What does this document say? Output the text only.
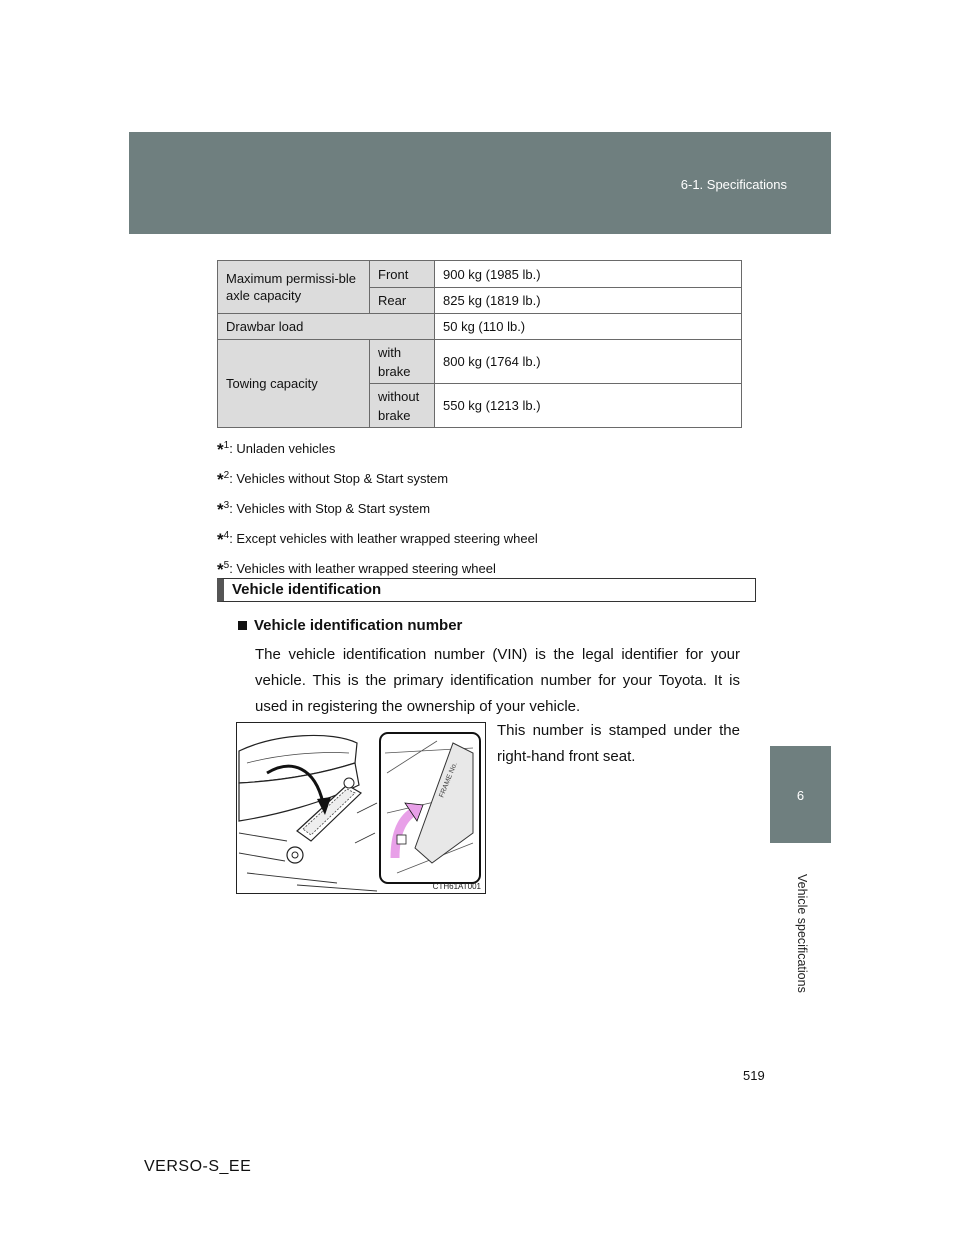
6-1. Specifications
6
Vehicle specifications
Maximum permissi-ble axle capacity	Front	900 kg (1985 lb.)
	Rear	825 kg (1819 lb.)
Drawbar load		50 kg (110 lb.)
Towing capacity	with brake	800 kg (1764 lb.)
	without brake	550 kg (1213 lb.)
*$^1$: Unladen vehicles
*$^2$: Vehicles without Stop & Start system
*$^3$: Vehicles with Stop & Start system
*$^4$: Except vehicles with leather wrapped steering wheel
*$^5$: Vehicles with leather wrapped steering wheel
Vehicle identification
Vehicle identification number
The vehicle identification number (VIN) is the legal identifier for your vehicle. This is the primary identification number for your Toyota. It is used in registering the ownership of your vehicle.
This number is stamped under the right-hand front seat.
FRAME No.
CTH61AT001
519
VERSO-S_EE
